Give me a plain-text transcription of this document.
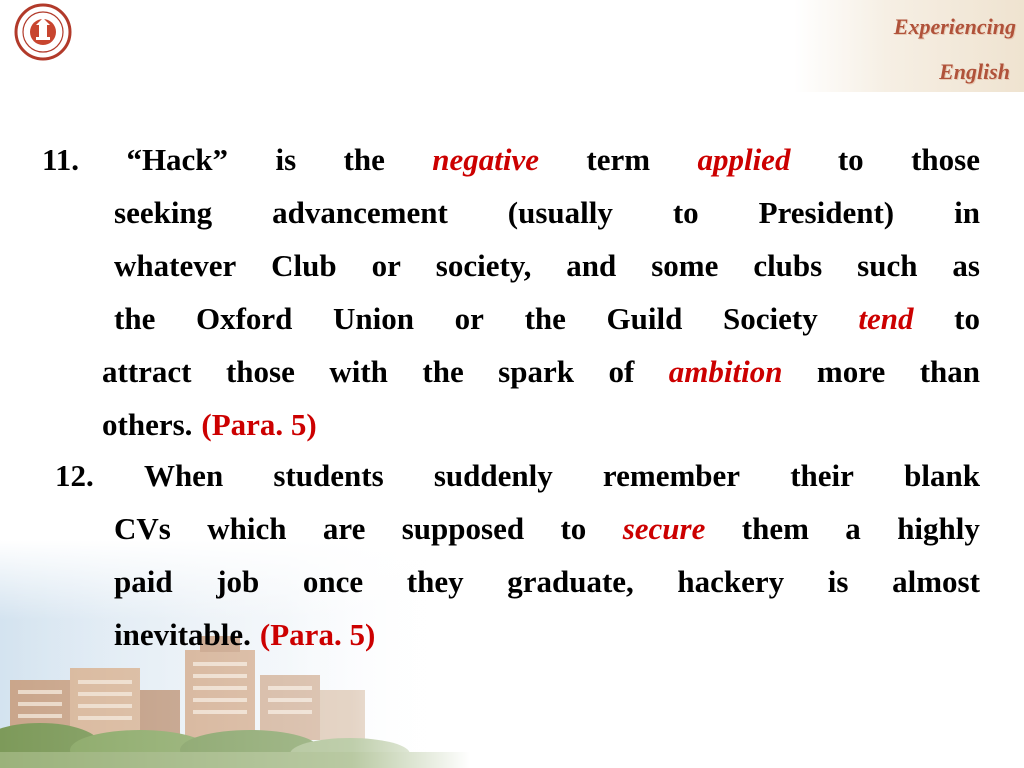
Experiencing
English
11. “Hack” is the negative term applied to those
seeking advancement (usually to President) in
whatever Club or society, and some clubs such as
the Oxford Union or the Guild Society tend to
attract those with the spark of ambition more than
others. (Para. 5)
12. When students suddenly remember their blank
CVs which are supposed to secure them a highly
paid job once they graduate, hackery is almost
inevitable. (Para. 5)
